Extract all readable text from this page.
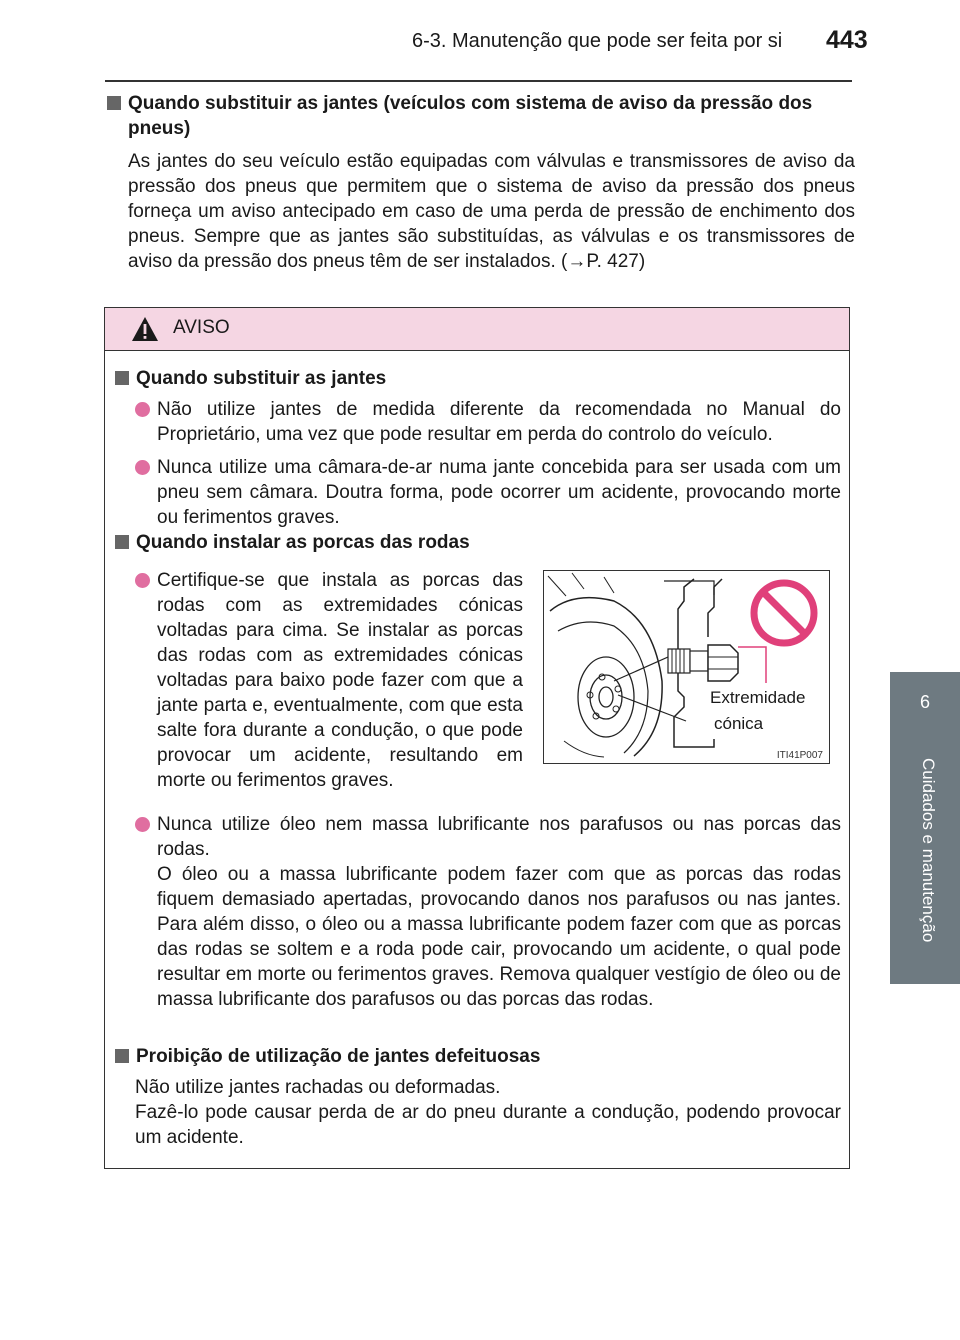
6-3. Manutenção que pode ser feita por si 443
6
Cuidados e manutenção
Quando substituir as jantes (veículos com sistema de aviso da pressão dos pneus)
As jantes do seu veículo estão equipadas com válvulas e transmissores de aviso da pressão dos pneus que permitem que o sistema de aviso da pressão dos pneus forneça um aviso antecipado em caso de uma perda de pressão de enchimento dos pneus. Sempre que as jantes são substituídas, as válvulas e os transmissores de aviso da pressão dos pneus têm de ser instalados. (→P. 427)
AVISO
Quando substituir as jantes
Não utilize jantes de medida diferente da recomendada no Manual do Proprietário, uma vez que pode resultar em perda do controlo do veículo.
Nunca utilize uma câmara-de-ar numa jante concebida para ser usada com um pneu sem câmara. Doutra forma, pode ocorrer um acidente, provocando morte ou ferimentos graves.
Quando instalar as porcas das rodas
Certifique-se que instala as porcas das rodas com as extremidades cónicas voltadas para cima. Se instalar as porcas das rodas com as extremidades cónicas voltadas para baixo pode fazer com que a jante parta e, eventualmente, com que esta salte fora durante a condução, o que pode provocar um acidente, resultando em morte ou ferimentos graves.
Extremidade
cónica
ITI41P007
Nunca utilize óleo nem massa lubrificante nos parafusos ou nas porcas das rodas.
O óleo ou a massa lubrificante podem fazer com que as porcas das rodas fiquem demasiado apertadas, provocando danos nos parafusos ou nas jantes. Para além disso, o óleo ou a massa lubrificante podem fazer com que as porcas das rodas se soltem e a roda pode cair, provocando um acidente, o qual pode resultar em morte ou ferimentos graves. Remova qualquer vestígio de óleo ou de massa lubrificante dos parafusos ou das porcas das rodas.
Proibição de utilização de jantes defeituosas
Não utilize jantes rachadas ou deformadas.
Fazê-lo pode causar perda de ar do pneu durante a condução, podendo provocar um acidente.
